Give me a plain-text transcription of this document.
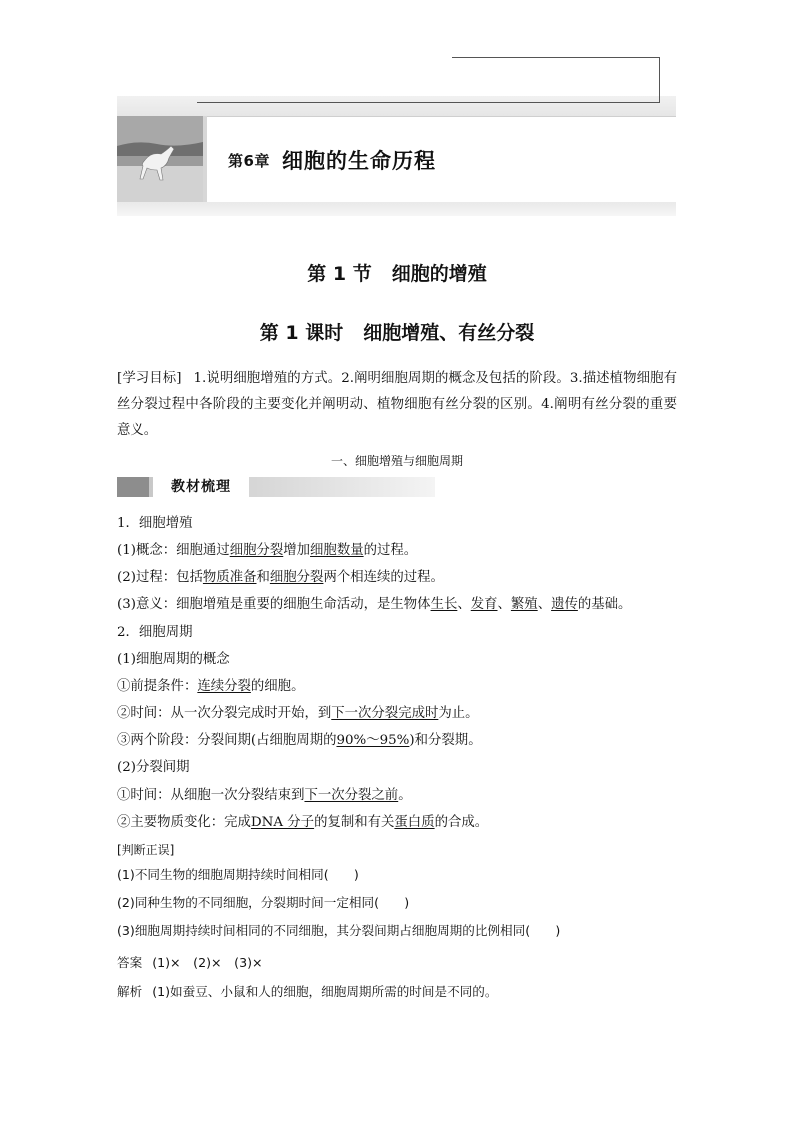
第6章 细胞的生命历程
第 1 节 细胞的增殖
第 1 课时 细胞增殖、有丝分裂
[学习目标] 1.说明细胞增殖的方式。2.阐明细胞周期的概念及包括的阶段。3.描述植物细胞有丝分裂过程中各阶段的主要变化并阐明动、植物细胞有丝分裂的区别。4.阐明有丝分裂的重要意义。
一、细胞增殖与细胞周期
教材梳理
1．细胞增殖
(1)概念：细胞通过细胞分裂增加细胞数量的过程。
(2)过程：包括物质准备和细胞分裂两个相连续的过程。
(3)意义：细胞增殖是重要的细胞生命活动，是生物体生长、发育、繁殖、遗传的基础。
2．细胞周期
(1)细胞周期的概念
①前提条件：连续分裂的细胞。
②时间：从一次分裂完成时开始，到下一次分裂完成时为止。
③两个阶段：分裂间期(占细胞周期的90%～95%)和分裂期。
(2)分裂间期
①时间：从细胞一次分裂结束到下一次分裂之前。
②主要物质变化：完成DNA 分子的复制和有关蛋白质的合成。
[判断正误]
(1)不同生物的细胞周期持续时间相同(　　)
(2)同种生物的不同细胞，分裂期时间一定相同(　　)
(3)细胞周期持续时间相同的不同细胞，其分裂间期占细胞周期的比例相同(　　)
答案 (1)×　(2)×　(3)×
解析 (1)如蚕豆、小鼠和人的细胞，细胞周期所需的时间是不同的。
